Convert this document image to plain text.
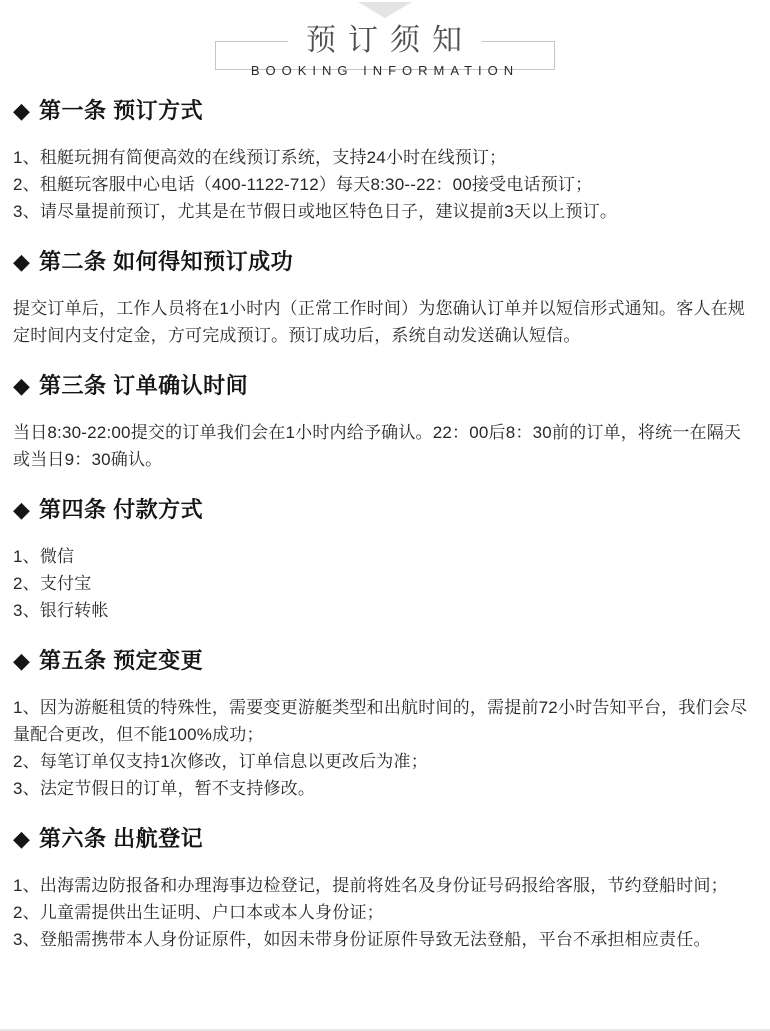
预订须知
BOOKING INFORMATION
◆ 第一条 预订方式

1、租艇玩拥有简便高效的在线预订系统，支持24小时在线预订；

2、租艇玩客服中心电话（400-1122-712）每天8:30--22：00接受电话预订；

3、请尽量提前预订，尤其是在节假日或地区特色日子，建议提前3天以上预订。

◆ 第二条 如何得知预订成功

提交订单后，工作人员将在1小时内（正常工作时间）为您确认订单并以短信形式通知。客人在规定时间内支付定金，方可完成预订。预订成功后，系统自动发送确认短信。

◆ 第三条 订单确认时间

当日8:30-22:00提交的订单我们会在1小时内给予确认。22：00后8：30前的订单，将统一在隔天或当日9：30确认。

◆ 第四条 付款方式

1、微信

2、支付宝

3、银行转帐

◆ 第五条 预定变更

1、因为游艇租赁的特殊性，需要变更游艇类型和出航时间的，需提前72小时告知平台，我们会尽量配合更改，但不能100%成功；

2、每笔订单仅支持1次修改，订单信息以更改后为准；

3、法定节假日的订单，暂不支持修改。

◆ 第六条 出航登记

1、出海需边防报备和办理海事边检登记，提前将姓名及身份证号码报给客服，节约登船时间；

2、儿童需提供出生证明、户口本或本人身份证；

3、登船需携带本人身份证原件，如因未带身份证原件导致无法登船，平台不承担相应责任。
